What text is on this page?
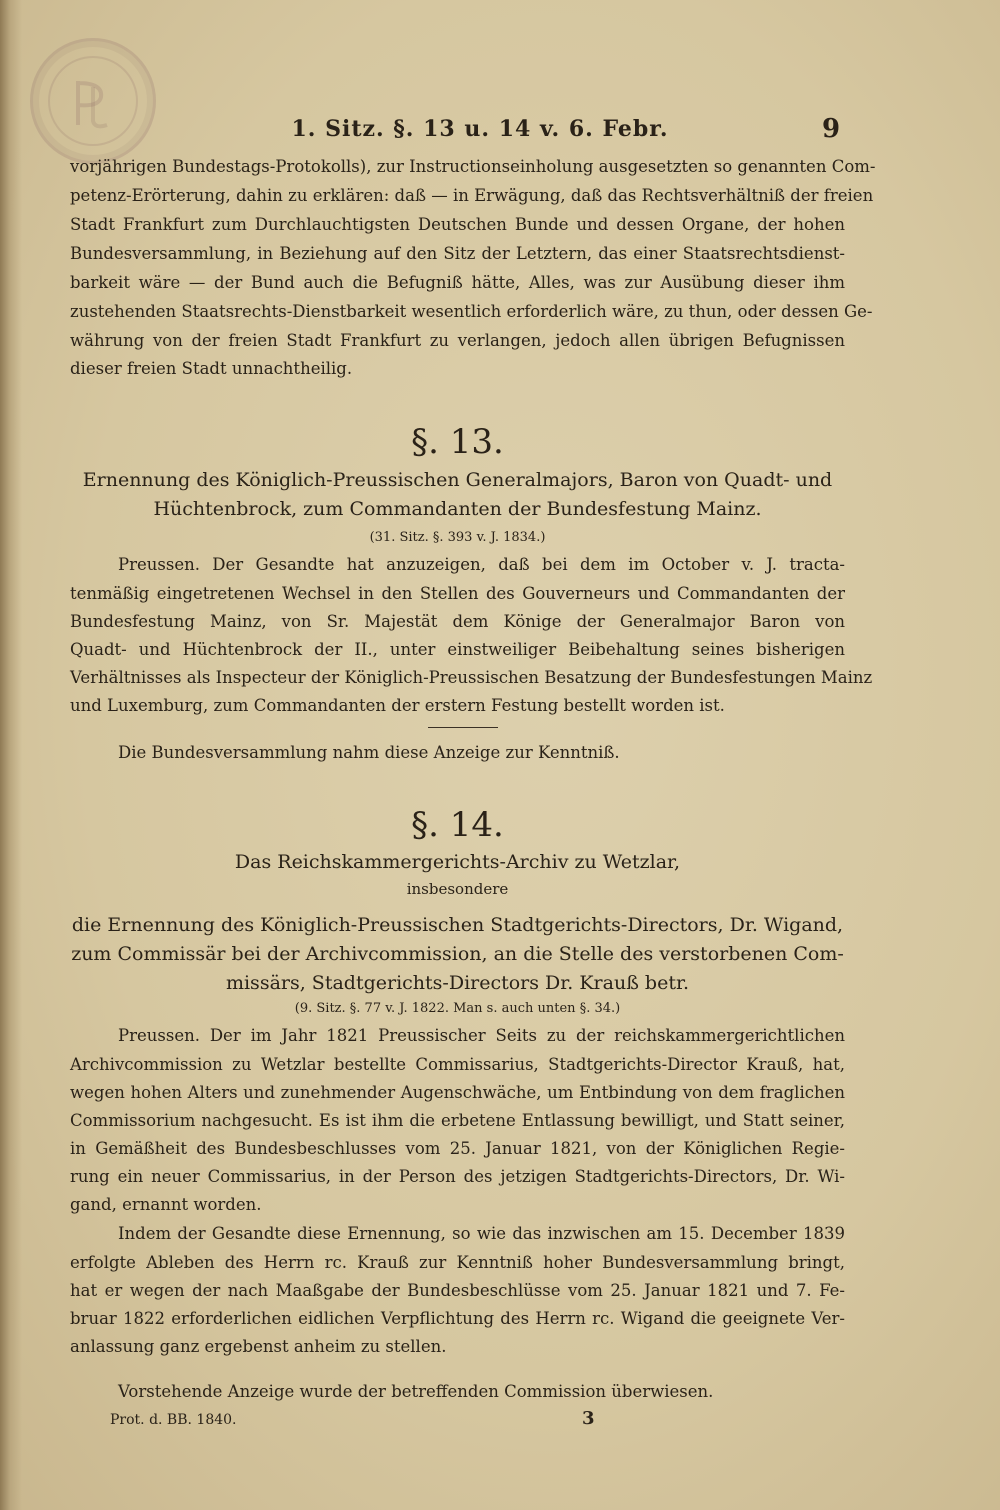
1. Sitz. §. 13 u. 14 v. 6. Febr.	9
vorjährigen Bundestags-Protokolls), zur Instructionseinholung ausgesetzten so genannten Com-
petenz-Erörterung, dahin zu erklären: daß — in Erwägung, daß das Rechtsverhältniß der freien
Stadt Frankfurt zum Durchlauchtigsten Deutschen Bunde und dessen Organe, der hohen
Bundesversammlung, in Beziehung auf den Sitz der Letztern, das einer Staatsrechtsdienst-
barkeit wäre — der Bund auch die Befugniß hätte, Alles, was zur Ausübung dieser ihm
zustehenden Staatsrechts-Dienstbarkeit wesentlich erforderlich wäre, zu thun, oder dessen Ge-
währung von der freien Stadt Frankfurt zu verlangen, jedoch allen übrigen Befugnissen
dieser freien Stadt unnachtheilig.
§. 13.
Ernennung des Königlich-Preussischen Generalmajors, Baron von Quadt- und
Hüchtenbrock, zum Commandanten der Bundesfestung Mainz.
(31. Sitz. §. 393 v. J. 1834.)
Preussen. Der Gesandte hat anzuzeigen, daß bei dem im October v. J. tracta-
tenmäßig eingetretenen Wechsel in den Stellen des Gouverneurs und Commandanten der
Bundesfestung Mainz, von Sr. Majestät dem Könige der Generalmajor Baron von
Quadt- und Hüchtenbrock der II., unter einstweiliger Beibehaltung seines bisherigen
Verhältnisses als Inspecteur der Königlich-Preussischen Besatzung der Bundesfestungen Mainz
und Luxemburg, zum Commandanten der erstern Festung bestellt worden ist.
Die Bundesversammlung nahm diese Anzeige zur Kenntniß.
§. 14.
Das Reichskammergerichts-Archiv zu Wetzlar,
insbesondere
die Ernennung des Königlich-Preussischen Stadtgerichts-Directors, Dr. Wigand,
zum Commissär bei der Archivcommission, an die Stelle des verstorbenen Com-
missärs, Stadtgerichts-Directors Dr. Krauß betr.
(9. Sitz. §. 77 v. J. 1822. Man s. auch unten §. 34.)
Preussen. Der im Jahr 1821 Preussischer Seits zu der reichskammergerichtlichen
Archivcommission zu Wetzlar bestellte Commissarius, Stadtgerichts-Director Krauß, hat,
wegen hohen Alters und zunehmender Augenschwäche, um Entbindung von dem fraglichen
Commissorium nachgesucht. Es ist ihm die erbetene Entlassung bewilligt, und Statt seiner,
in Gemäßheit des Bundesbeschlusses vom 25. Januar 1821, von der Königlichen Regie-
rung ein neuer Commissarius, in der Person des jetzigen Stadtgerichts-Directors, Dr. Wi-
gand, ernannt worden.
Indem der Gesandte diese Ernennung, so wie das inzwischen am 15. December 1839
erfolgte Ableben des Herrn rc. Krauß zur Kenntniß hoher Bundesversammlung bringt,
hat er wegen der nach Maaßgabe der Bundesbeschlüsse vom 25. Januar 1821 und 7. Fe-
bruar 1822 erforderlichen eidlichen Verpflichtung des Herrn rc. Wigand die geeignete Ver-
anlassung ganz ergebenst anheim zu stellen.
Vorstehende Anzeige wurde der betreffenden Commission überwiesen.
Prot. d. BB. 1840.	3
